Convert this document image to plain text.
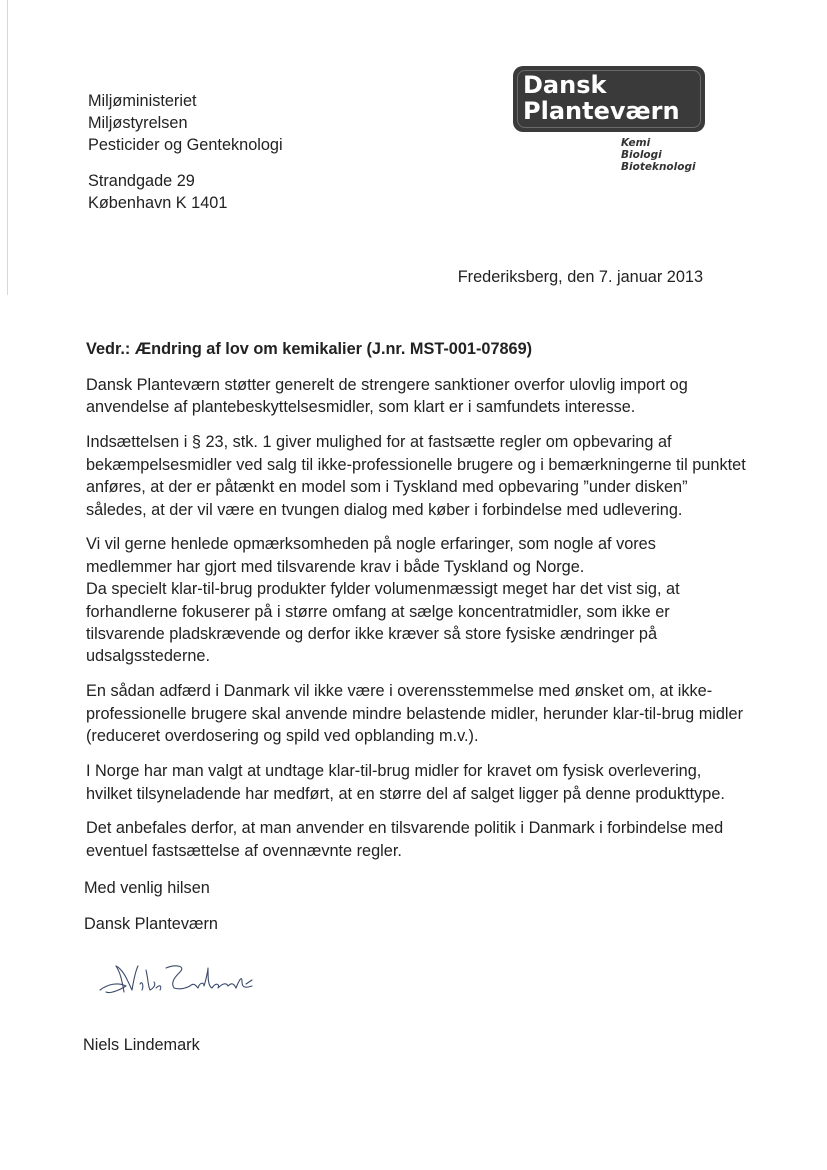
Miljøministeriet
Miljøstyrelsen
Pesticider og Genteknologi
Strandgade 29
København K 1401
Dansk
Planteværn
Kemi
Biologi
Bioteknologi
Frederiksberg, den 7. januar 2013
Vedr.: Ændring af lov om kemikalier (J.nr. MST-001-07869)

Dansk Planteværn støtter generelt de strengere sanktioner overfor ulovlig import og anvendelse af plantebeskyttelsesmidler, som klart er i samfundets interesse.

Indsættelsen i § 23, stk. 1 giver mulighed for at fastsætte regler om opbevaring af bekæmpelsesmidler ved salg til ikke-professionelle brugere og i bemærkningerne til punktet anføres, at der er påtænkt en model som i Tyskland med opbevaring ”under disken” således, at der vil være en tvungen dialog med køber i forbindelse med udlevering.

Vi vil gerne henlede opmærksomheden på nogle erfaringer, som nogle af vores medlemmer har gjort med tilsvarende krav i både Tyskland og Norge.
Da specielt klar-til-brug produkter fylder volumenmæssigt meget har det vist sig, at forhandlerne fokuserer på i større omfang at sælge koncentratmidler, som ikke er tilsvarende pladskrævende og derfor ikke kræver så store fysiske ændringer på udsalgsstederne.

En sådan adfærd i Danmark vil ikke være i overensstemmelse med ønsket om, at ikke-professionelle brugere skal anvende mindre belastende midler, herunder klar-til-brug midler (reduceret overdosering og spild ved opblanding m.v.).

I Norge har man valgt at undtage klar-til-brug midler for kravet om fysisk overlevering, hvilket tilsyneladende har medført, at en større del af salget ligger på denne produkttype.

Det anbefales derfor, at man anvender en tilsvarende politik i Danmark i forbindelse med eventuel fastsættelse af ovennævnte regler.

Med venlig hilsen

Dansk Planteværn

Niels Lindemark
